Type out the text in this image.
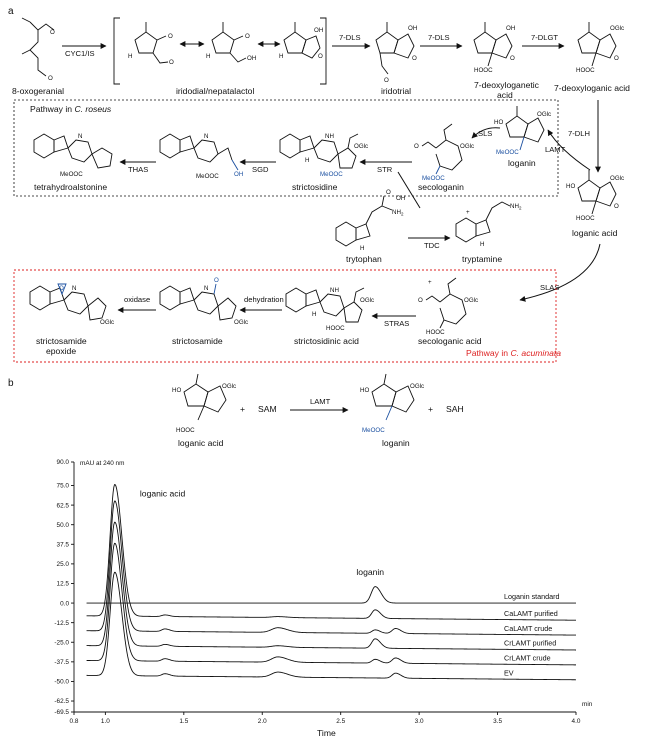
a
O
O
8-oxogeranial
CYC1/IS
O
O
H
O
OH
H
OH
O
H
iridodial/nepatalactol
7-DLS
OH
O
O
iridotrial
7-DLS
OH
O
HOOC
7-deoxyloganetic
acid
7-DLGT
OGlc
O
HOOC
7-deoxyloganic acid
7-DLH
HO
OGlc
O
HOOC
loganic acid
Pathway in C. roseus
LAMT
HO
OGlc
MeOOC
loganin
SLS
OGlc
O
MeOOC
secologanin
STR
H
NH
OGlc
MeOOC
strictosidine
SGD
N
OH
MeOOC
THAS
N
MeOOC
tetrahydroalstonine
O
OH
$NH_2$
H
trytophan
TDC
$NH_2$
H
+
tryptamine
SLAS
Pathway in C. acuminata
OGlc
O
HOOC
+
secologanic acid
STRAS
H
NH
OGlc
HOOC
strictosidinic acid
dehydration
N
O
OGlc
strictosamide
oxidase
N
O
OGlc
strictosamide
epoxide
b
HO
OGlc
HOOC
loganic acid
+ SAM
LAMT
HO
OGlc
MeOOC
loganin
+ SAH
mAU at 240 nm
Time
min
90.0
75.0
62.5
50.0
37.5
25.0
12.5
0.0
-12.5
-25.0
-37.5
-50.0
-62.5
-69.5
0.8	1.0	1.5	2.0	2.5	3.0	3.5	4.0
Loganin standard
CaLAMT purified
CaLAMT crude
CrLAMT purified
CrLAMT crude
EV
loganic acid
loganin
